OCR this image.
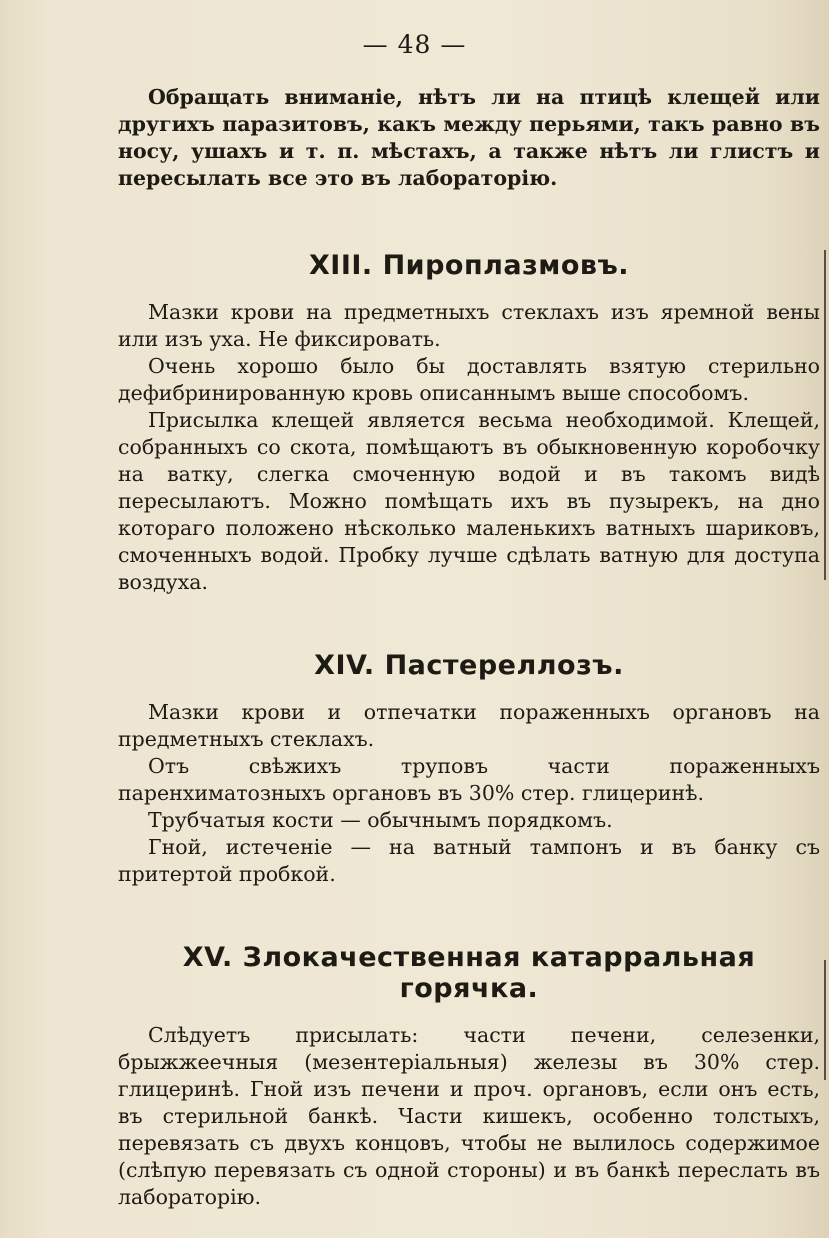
— 48 —

Обращать вниманіе, нѣтъ ли на птицѣ клещей или другихъ паразитовъ, какъ между перьями, такъ равно въ носу, ушахъ и т. п. мѣстахъ, а также нѣтъ ли глистъ и пересылать все это въ лабораторію.

XIII. Пироплазмовъ.

Мазки крови на предметныхъ стеклахъ изъ яремной вены или изъ уха. Не фиксировать.

Очень хорошо было бы доставлять взятую стерильно дефибринированную кровь описаннымъ выше способомъ.

Присылка клещей является весьма необходимой. Клещей, собранныхъ со скота, помѣщаютъ въ обыкновенную коробочку на ватку, слегка смоченную водой и въ такомъ видѣ пересылаютъ. Можно помѣщать ихъ въ пузырекъ, на дно котораго положено нѣсколько маленькихъ ватныхъ шариковъ, смоченныхъ водой. Пробку лучше сдѣлать ватную для доступа воздуха.

XIV. Пастереллозъ.

Мазки крови и отпечатки пораженныхъ органовъ на предметныхъ стеклахъ.

Отъ свѣжихъ труповъ части пораженныхъ паренхиматозныхъ органовъ въ 30% стер. глицеринѣ.

Трубчатыя кости — обычнымъ порядкомъ.

Гной, истеченіе — на ватный тампонъ и въ банку съ притертой пробкой.

XV. Злокачественная катарральная горячка.

Слѣдуетъ присылать: части печени, селезенки, брыжжеечныя (мезентеріальныя) железы въ 30% стер. глицеринѣ. Гной изъ печени и проч. органовъ, если онъ есть, въ стерильной банкѣ. Части кишекъ, особенно толстыхъ, перевязать съ двухъ концовъ, чтобы не вылилось содержимое (слѣпую перевязать съ одной стороны) и въ банкѣ переслать въ лабораторію.
